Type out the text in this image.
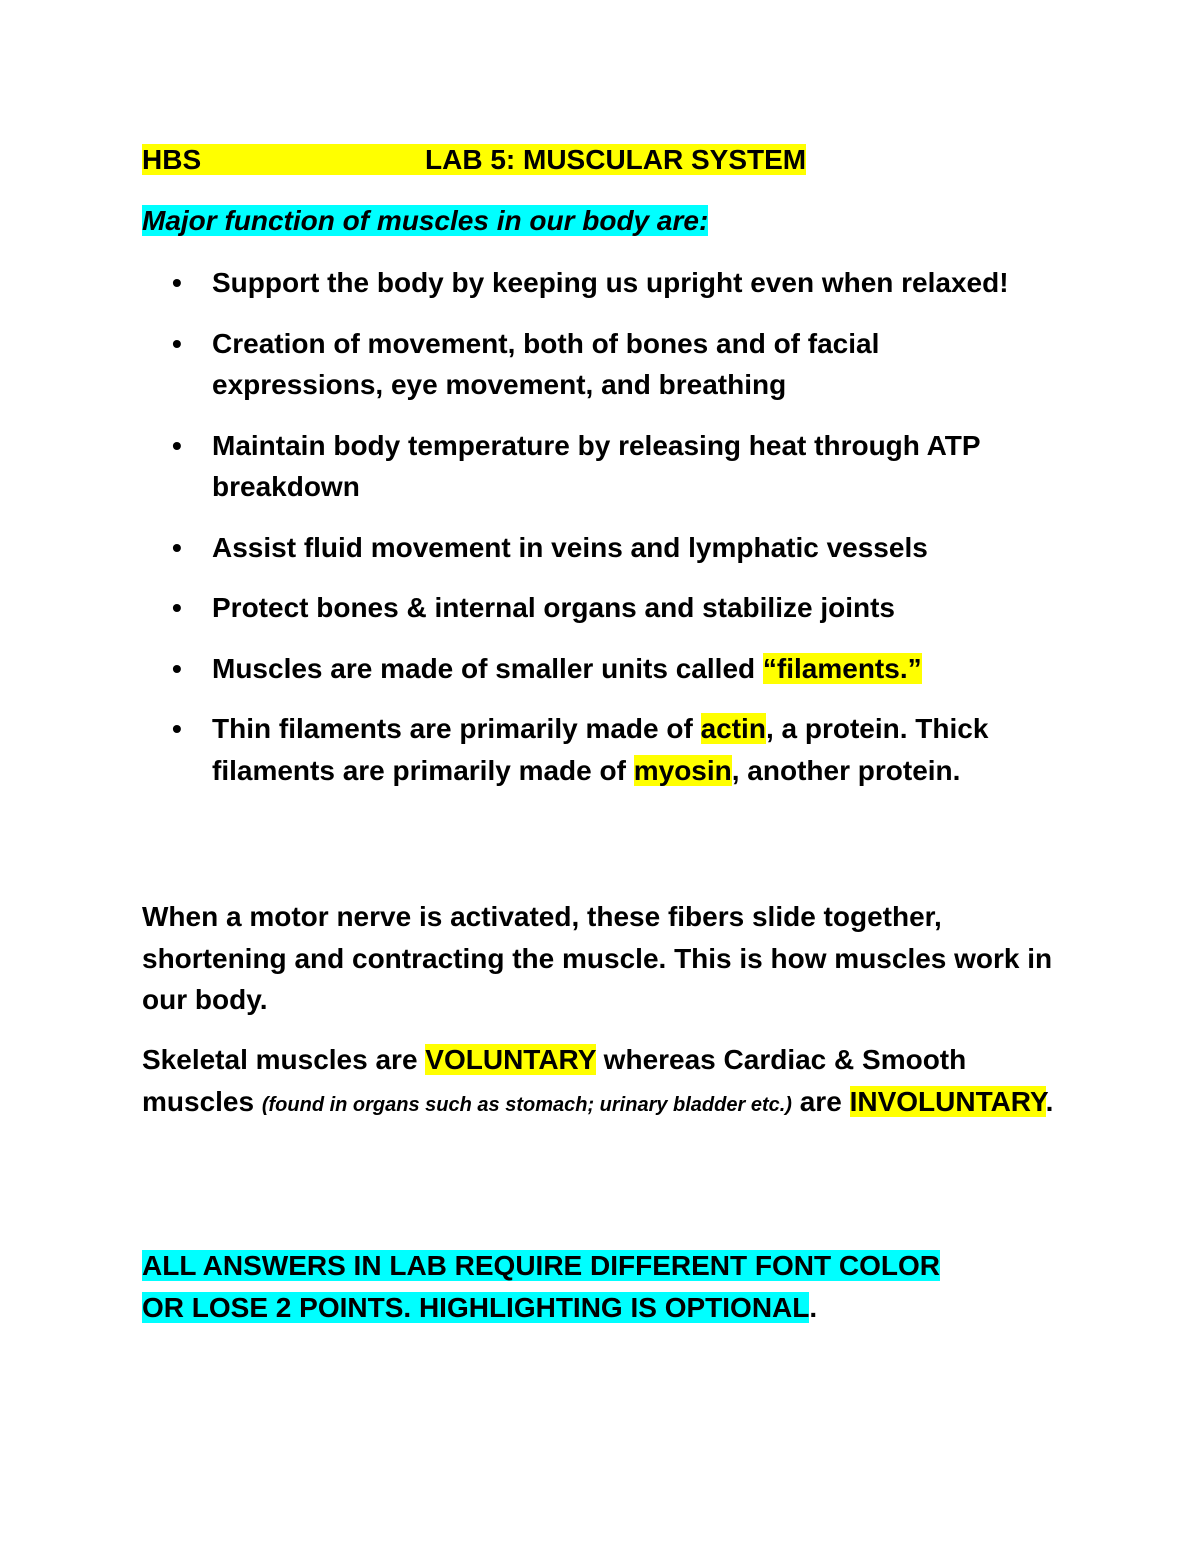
HBS	LAB 5: MUSCULAR SYSTEM
Major function of muscles in our body are:
• Support the body by keeping us upright even when relaxed!
• Creation of movement, both of bones and of facial expressions, eye movement, and breathing
• Maintain body temperature by releasing heat through ATP breakdown
• Assist fluid movement in veins and lymphatic vessels
• Protect bones & internal organs and stabilize joints
• Muscles are made of smaller units called “filaments.”
• Thin filaments are primarily made of actin, a protein. Thick filaments are primarily made of myosin, another protein.

When a motor nerve is activated, these fibers slide together, shortening and contracting the muscle. This is how muscles work in our body.

Skeletal muscles are VOLUNTARY whereas Cardiac & Smooth muscles (found in organs such as stomach; urinary bladder etc.) are INVOLUNTARY.

ALL ANSWERS IN LAB REQUIRE DIFFERENT FONT COLOR
OR LOSE 2 POINTS. HIGHLIGHTING IS OPTIONAL.
